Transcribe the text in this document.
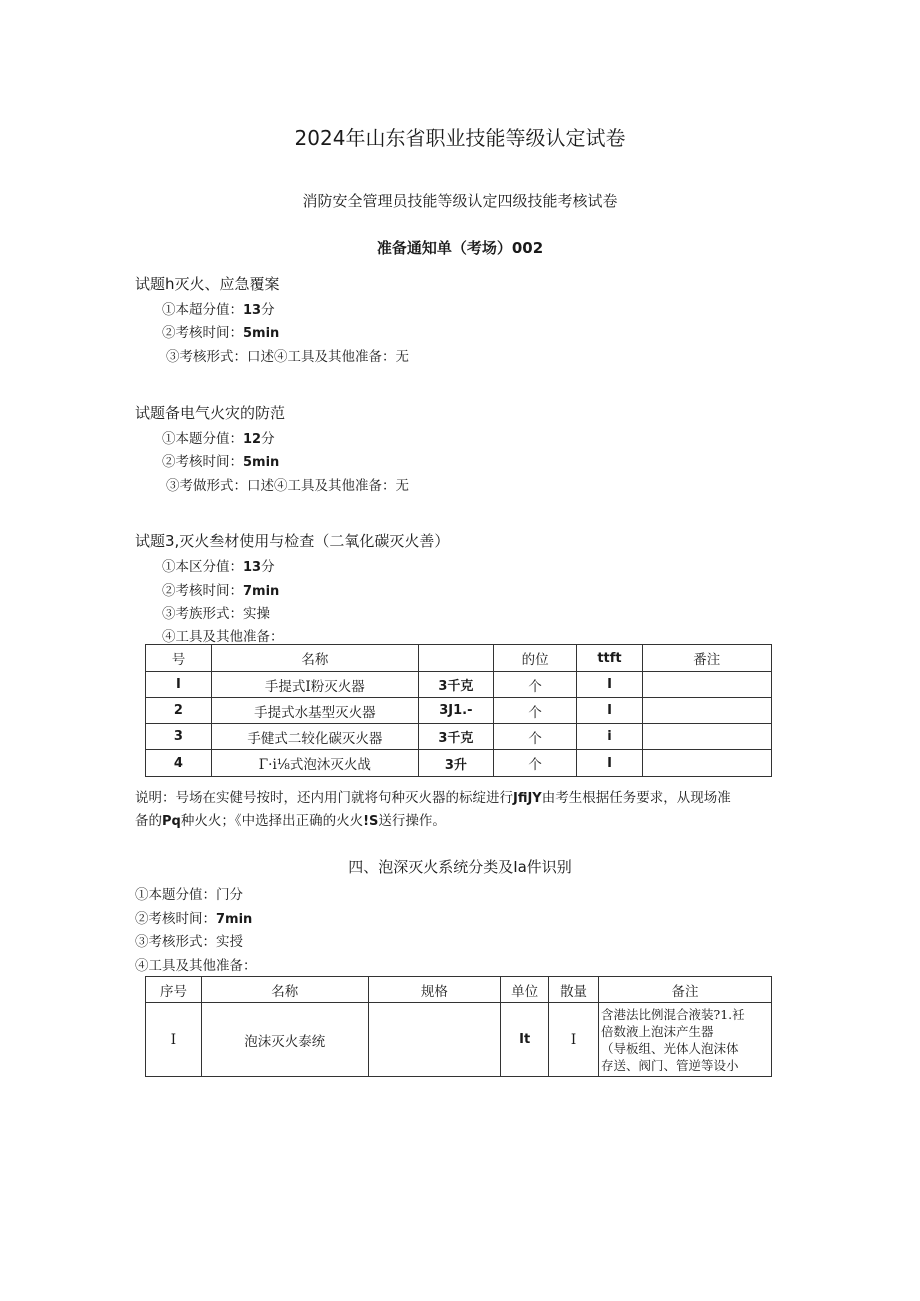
2024年山东省职业技能等级认定试卷
消防安全管理员技能等级认定四级技能考核试卷
准备通知单（考场）002
试题h灭火、应急覆案
①本超分值：13分
②考核时间：5min
③考核形式：口述④工具及其他准备：无
试题备电气火灾的防范
①本题分值：12分
②考核时间：5min
③考做形式：口述④工具及其他准备：无
试题3,灭火叁材使用与检查（二氧化碳灭火善）
①本区分值：13分
②考核时间：7min
③考族形式：实操
④工具及其他准备：
号	名称		的位	ttft	番注
I	手提式I粉灭火器	3千克	个	I	
2	手提式水基型灭火器	3J1.-	个	I	
3	手健式二较化碳灭火器	3千克	个	i	
4	Γ·i⅛式泡沐灭火战	3升	个	I	
说明：号场在实健号按时，还内用门就将句种灭火器的标绽进行JfiJY由考生根据任务要求，从现场准
备的Pq种火火；《中选择出正确的火火!S送行操作。
四、泡深灭火系统分类及Ia件识别
①本题分值：门分
②考核时间：7min
③考核形式：实授
④工具及其他准备：
序号	名称	规格	单位	散量	备注
I	泡沫灭火泰统		It	I	含港法比例混合液装?1.衽
倍数液上泡沫产生器
（导板组、光体人泡沫体
存送、阀门、管逆等设小
